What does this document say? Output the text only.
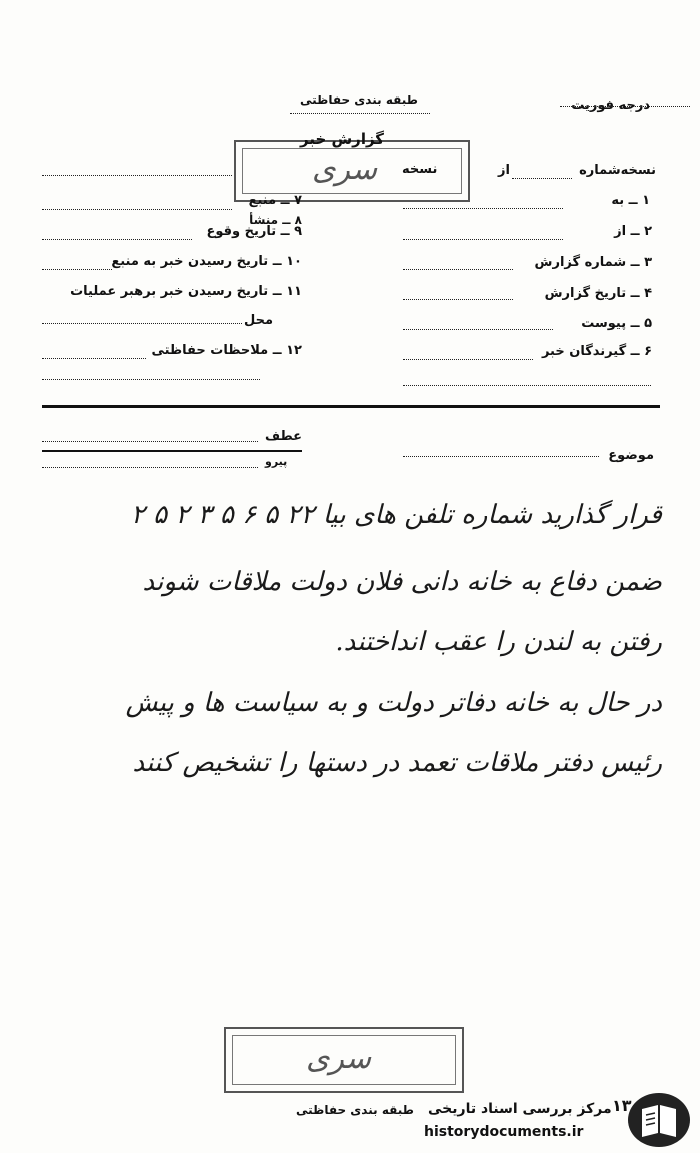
درجه فوریت
طبقه بندی حفاظتی
سری
گزارش خبر
نسخه‌شماره
از
نسخه
۱ ــ به
۲ ــ از
۳ ــ شماره گزارش
۴ ــ تاریخ گزارش
۵ ــ پیوست
۶ ــ گیرندگان خبر
۷ ــ منبع
۸ ــ منشأ
۹ ــ تاریخ وقوع
۱۰ ــ تاریخ رسیدن خبر به منبع
۱۱ ــ تاریخ رسیدن خبر برهبر عملیات
محل
۱۲ ــ ملاحظات حفاظتی
موضوع
عطف
پیرو
قرار گذارید شماره تلفن های بیا ۲۲ ۵ ۶ ۵ ۳ ۲ ۵ ۲
ضمن دفاع به خانه دانی فلان دولت ملاقات شوند
رفتن به لندن را عقب انداختند.
در حال به خانه دفاتر دولت و به سیاست ها و پیش
رئیس دفتر ملاقات تعمد در دستها را تشخیص کنند
سری
طبقه بندی حفاظتی مرکز بررسی اسناد تاریخی ۱۳
historydocuments.ir
